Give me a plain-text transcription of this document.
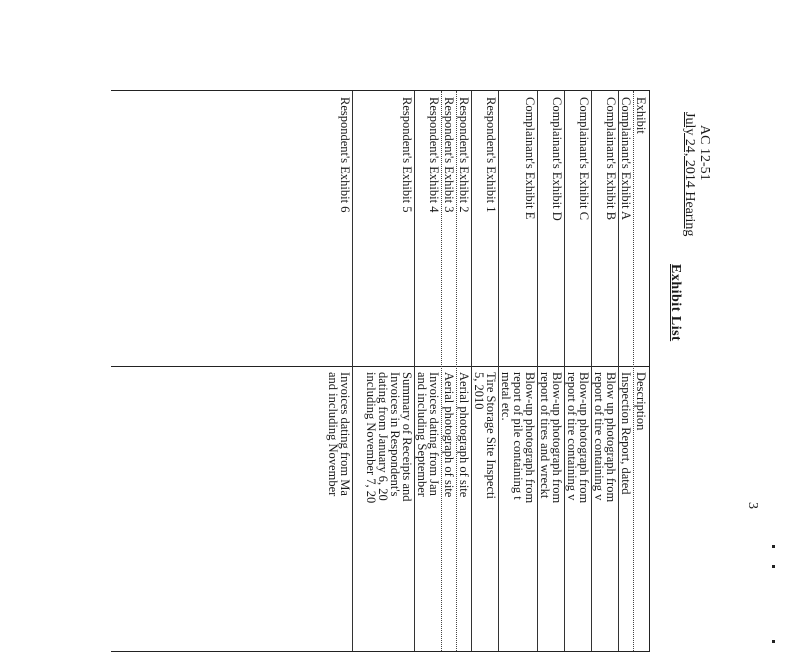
3
AC 12-51
July 24, 2014 Hearing
Exhibit List
Exhibit
Description
Complainant's Exhibit A
Inspection Report, dated
Complainant's Exhibit B
Blow up photograph from
report of tire containing v
Complainant's Exhibit C
Blow-up photograph from
report of tire containing v
Complainant's Exhibit D
Blow-up photograph from
report of tires and wreckt
Complainant's Exhibit E
Blow-up photograph from
report of pile containing t
metal etc.
Respondent's Exhibit 1
Tire Storage Site Inspecti
5, 2010
Respondent's Exhibit 2
Aerial photograph of site
Respondent's Exhibit 3
Aerial photograph of site
Respondent's Exhibit 4
Invoices dating from Jan
and including September
Respondent's Exhibit 5
Summary of Receipts and
Invoices in Respondent's
dating from January 6, 20
including November 7, 20
Respondent's Exhibit 6
Invoices dating from Ma
and including November
